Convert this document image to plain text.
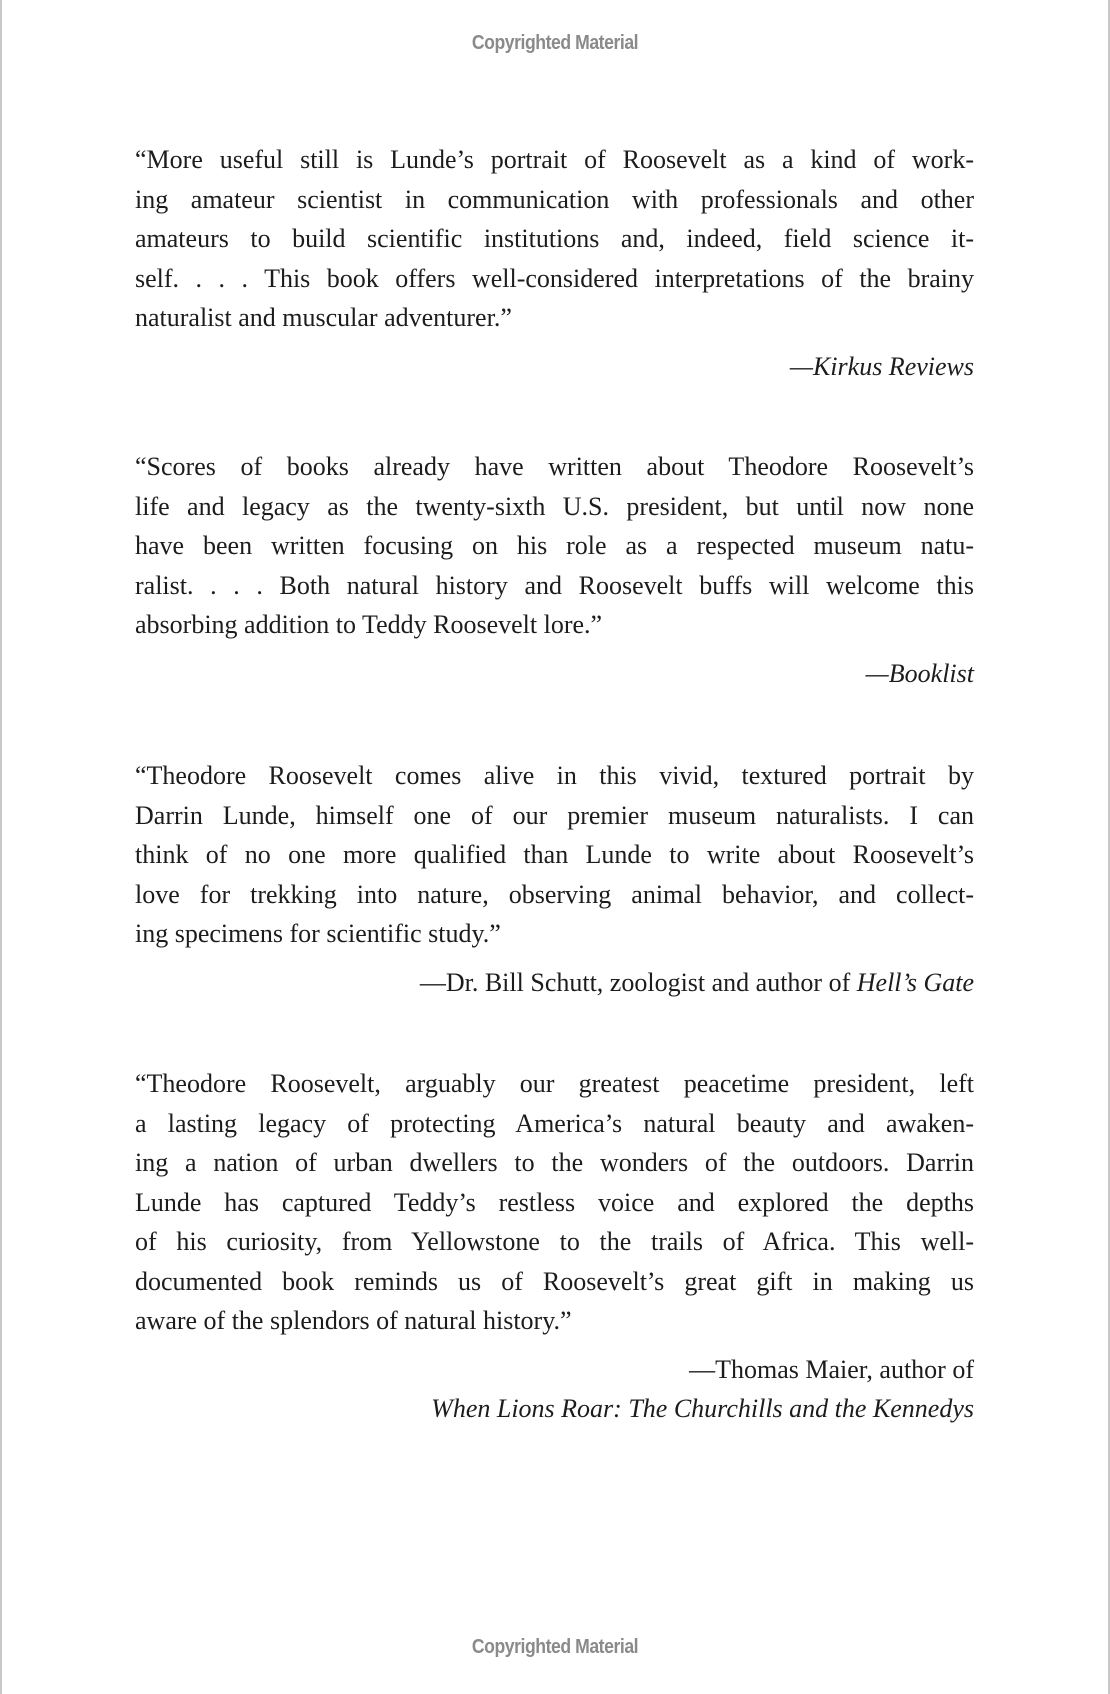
Copyrighted Material

“More useful still is Lunde’s portrait of Roosevelt as a kind of work-
ing amateur scientist in communication with professionals and other
amateurs to build scientific institutions and, indeed, field science it-
self. . . . This book offers well-considered interpretations of the brainy
naturalist and muscular adventurer.”

—Kirkus Reviews

“Scores of books already have written about Theodore Roosevelt’s
life and legacy as the twenty-sixth U.S. president, but until now none
have been written focusing on his role as a respected museum natu-
ralist. . . . Both natural history and Roosevelt buffs will welcome this
absorbing addition to Teddy Roosevelt lore.”

—Booklist

“Theodore Roosevelt comes alive in this vivid, textured portrait by
Darrin Lunde, himself one of our premier museum naturalists. I can
think of no one more qualified than Lunde to write about Roosevelt’s
love for trekking into nature, observing animal behavior, and collect-
ing specimens for scientific study.”

—Dr. Bill Schutt, zoologist and author of Hell’s Gate

“Theodore Roosevelt, arguably our greatest peacetime president, left
a lasting legacy of protecting America’s natural beauty and awaken-
ing a nation of urban dwellers to the wonders of the outdoors. Darrin
Lunde has captured Teddy’s restless voice and explored the depths
of his curiosity, from Yellowstone to the trails of Africa. This well-
documented book reminds us of Roosevelt’s great gift in making us
aware of the splendors of natural history.”

—Thomas Maier, author of
When Lions Roar: The Churchills and the Kennedys

Copyrighted Material
